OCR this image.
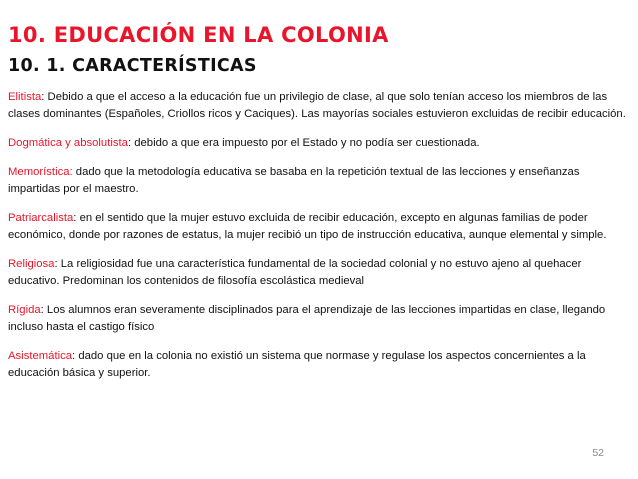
10. EDUCACIÓN EN LA COLONIA
10. 1. CARACTERÍSTICAS

Elitista: Debido a que el acceso a la educación fue un privilegio de clase, al que solo tenían acceso los miembros de las clases dominantes (Españoles, Criollos ricos y Caciques). Las mayorías sociales estuvieron excluidas de recibir educación.

Dogmática y absolutista: debido a que era impuesto por el Estado y no podía ser cuestionada.

Memorística: dado que la metodología educativa se basaba en la repetición textual de las lecciones y enseñanzas impartidas por el maestro.

Patriarcalista: en el sentido que la mujer estuvo excluida de recibir educación, excepto en algunas familias de poder económico, donde por razones de estatus, la mujer recibió un tipo de instrucción educativa, aunque elemental y simple.

Religiosa: La religiosidad fue una característica fundamental de la sociedad colonial y no estuvo ajeno al quehacer educativo. Predominan los contenidos de filosofía escolástica medieval

Rígida: Los alumnos eran severamente disciplinados para el aprendizaje de las lecciones impartidas en clase, llegando incluso hasta el castigo físico

Asistemática: dado que en la colonia no existió un sistema que normase y regulase los aspectos concernientes a la educación básica y superior.

52
